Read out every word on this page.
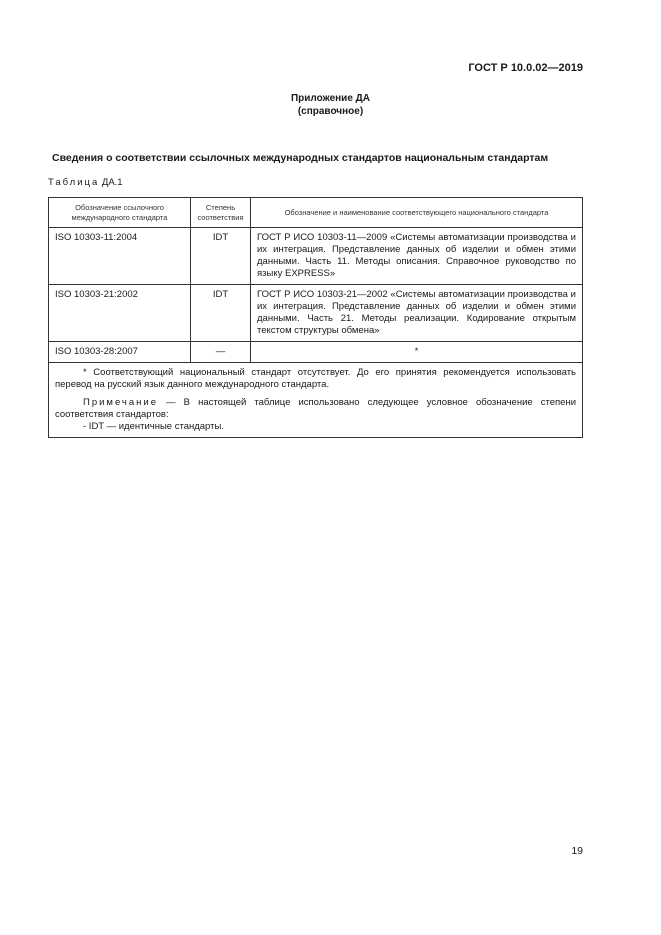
ГОСТ Р 10.0.02—2019
Приложение ДА
(справочное)
Сведения о соответствии ссылочных международных стандартов национальным стандартам
Таблица ДА.1
Обозначение ссылочного международного стандарта	Степень соответствия	Обозначение и наименование соответствующего национального стандарта
ISO 10303-11:2004	IDT	ГОСТ Р ИСО 10303-11—2009 «Системы автоматизации производства и их интеграция. Представление данных об изделии и обмен этими данными. Часть 11. Методы описания. Справочное руководство по языку EXPRESS»
ISO 10303-21:2002	IDT	ГОСТ Р ИСО 10303-21—2002 «Системы автоматизации производства и их интеграция. Представление данных об изделии и обмен этими данными. Часть 21. Методы реализации. Кодирование открытым текстом структуры обмена»
ISO 10303-28:2007	—	*

* Соответствующий национальный стандарт отсутствует. До его принятия рекомендуется использовать перевод на русский язык данного международного стандарта.

Примечание — В настоящей таблице использовано следующее условное обозначение степени соответствия стандартов:

- IDT — идентичные стандарты.		

19
